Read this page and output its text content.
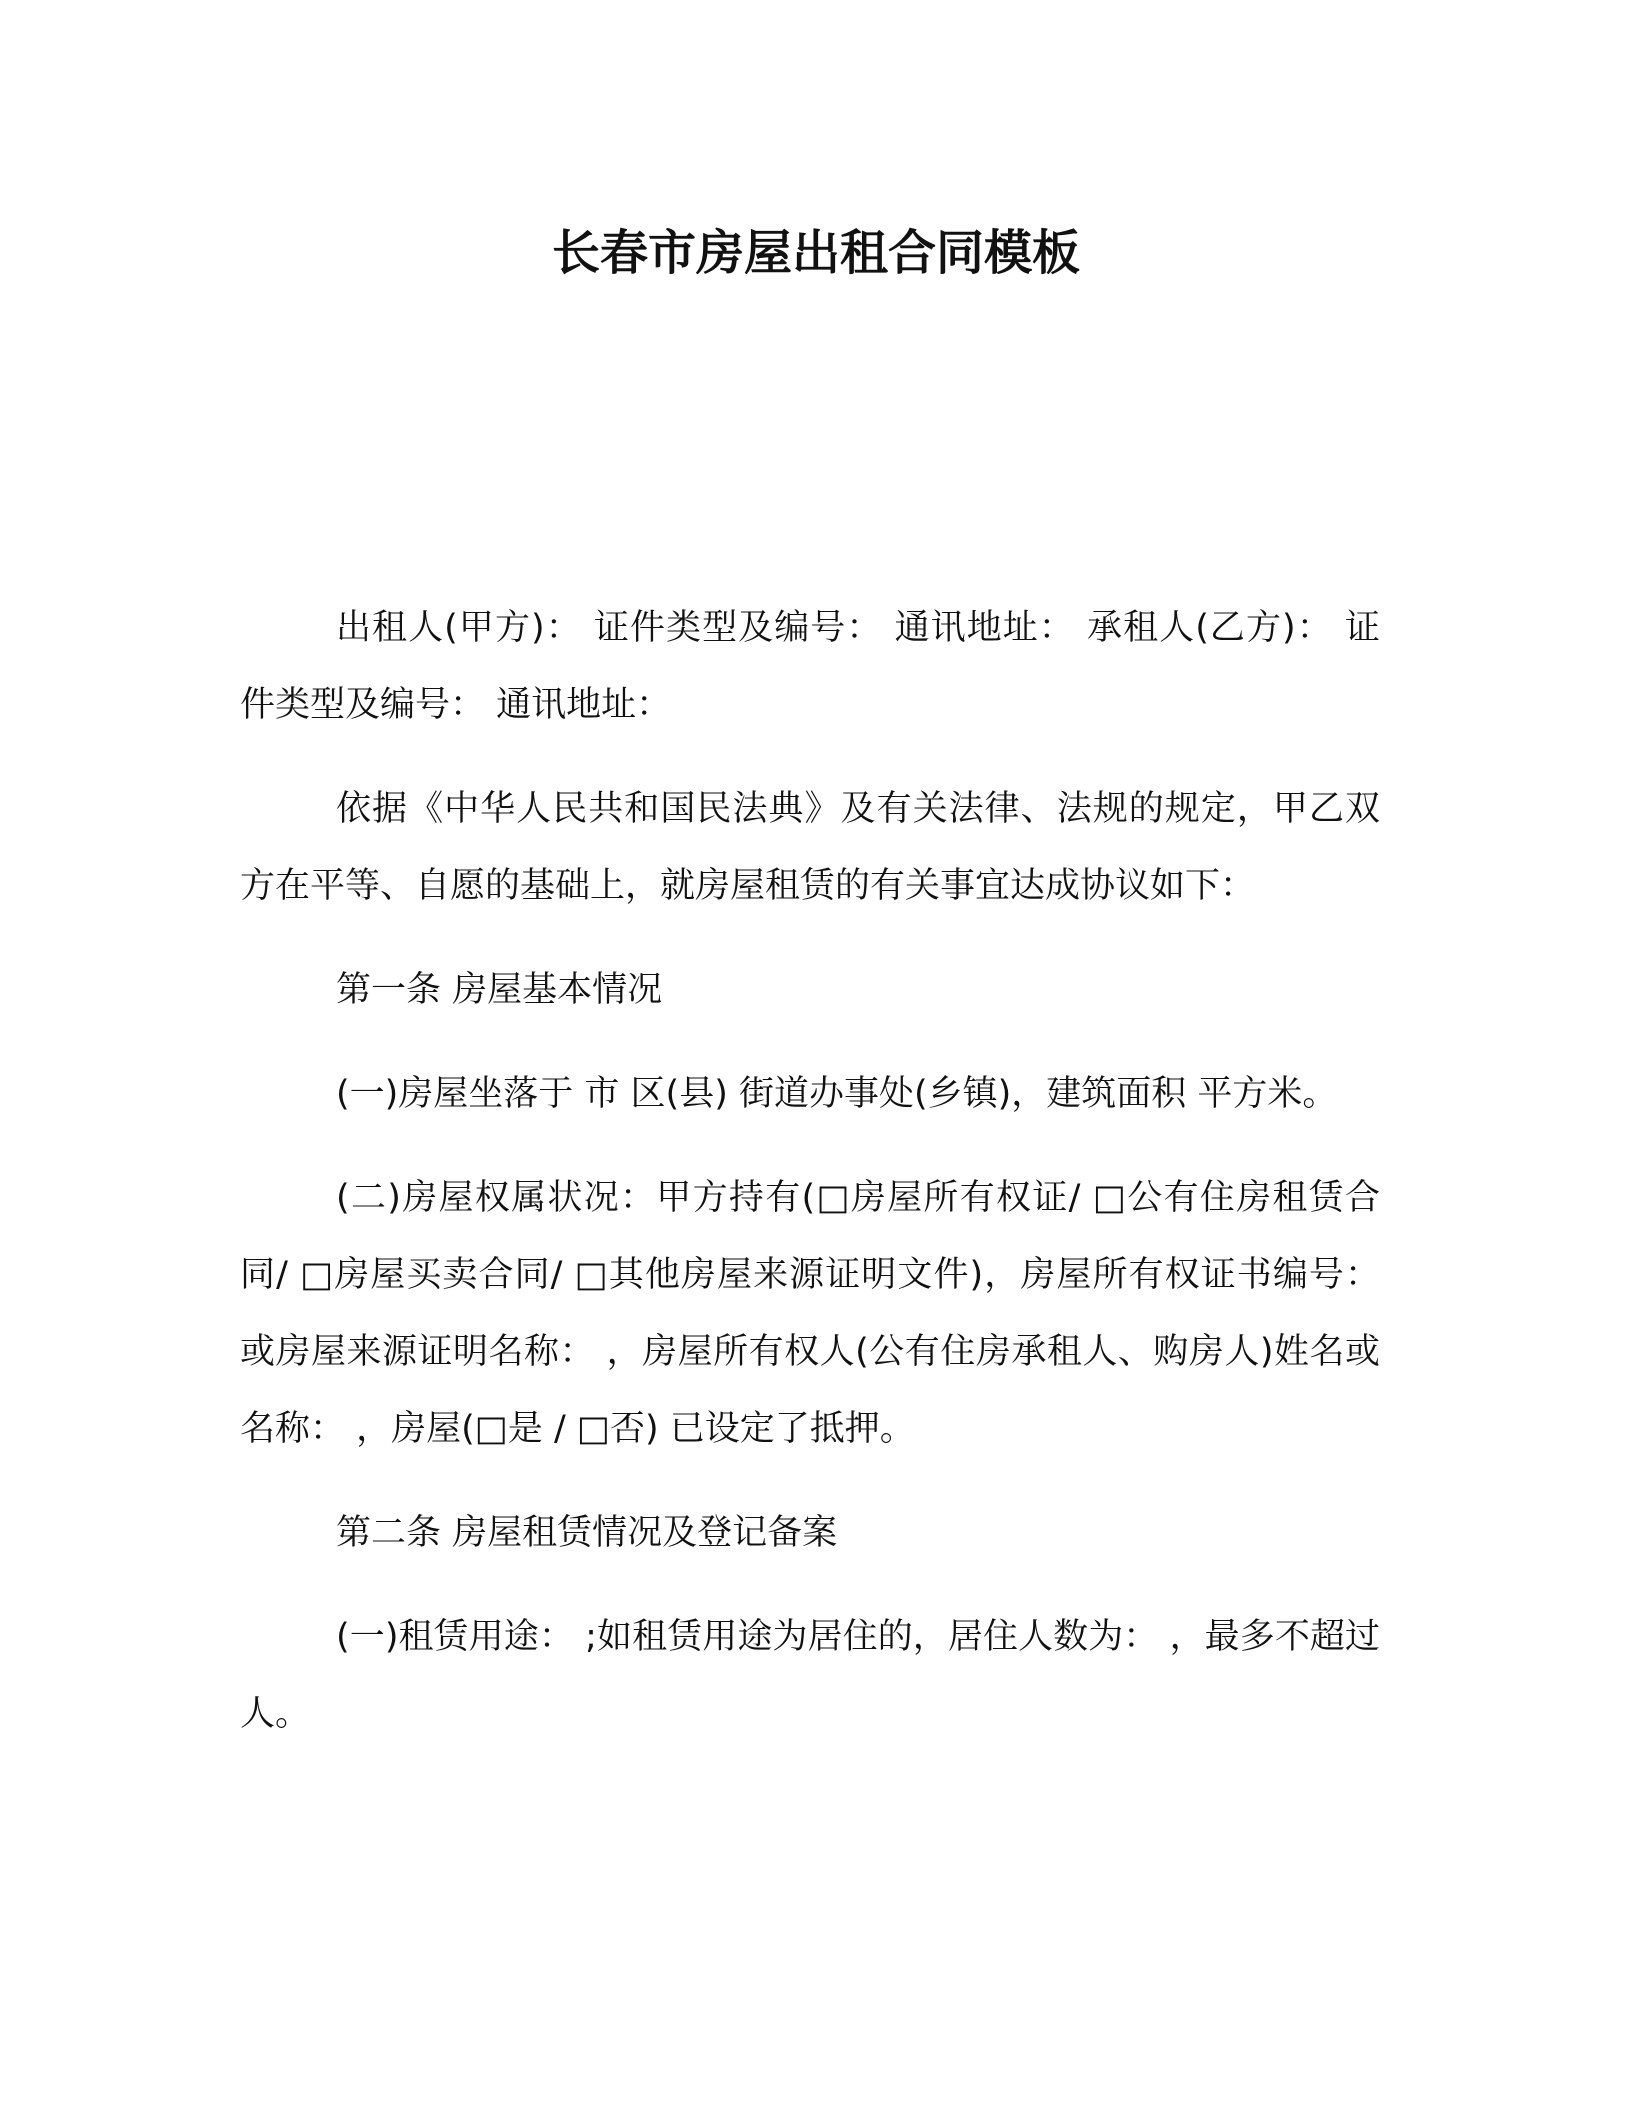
长春市房屋出租合同模板

出租人(甲方)： 证件类型及编号： 通讯地址： 承租人(乙方)： 证件类型及编号： 通讯地址：

依据《中华人民共和国民法典》及有关法律、法规的规定，甲乙双方在平等、自愿的基础上，就房屋租赁的有关事宜达成协议如下：

第一条 房屋基本情况

(一)房屋坐落于 市 区(县) 街道办事处(乡镇)，建筑面积 平方米。

(二)房屋权属状况：甲方持有(□房屋所有权证/ □公有住房租赁合同/ □房屋买卖合同/ □其他房屋来源证明文件)，房屋所有权证书编号： 或房屋来源证明名称： ，房屋所有权人(公有住房承租人、购房人)姓名或名称： ，房屋(□是 / □否) 已设定了抵押。

第二条 房屋租赁情况及登记备案

(一)租赁用途： ;如租赁用途为居住的，居住人数为： ，最多不超过 人。
